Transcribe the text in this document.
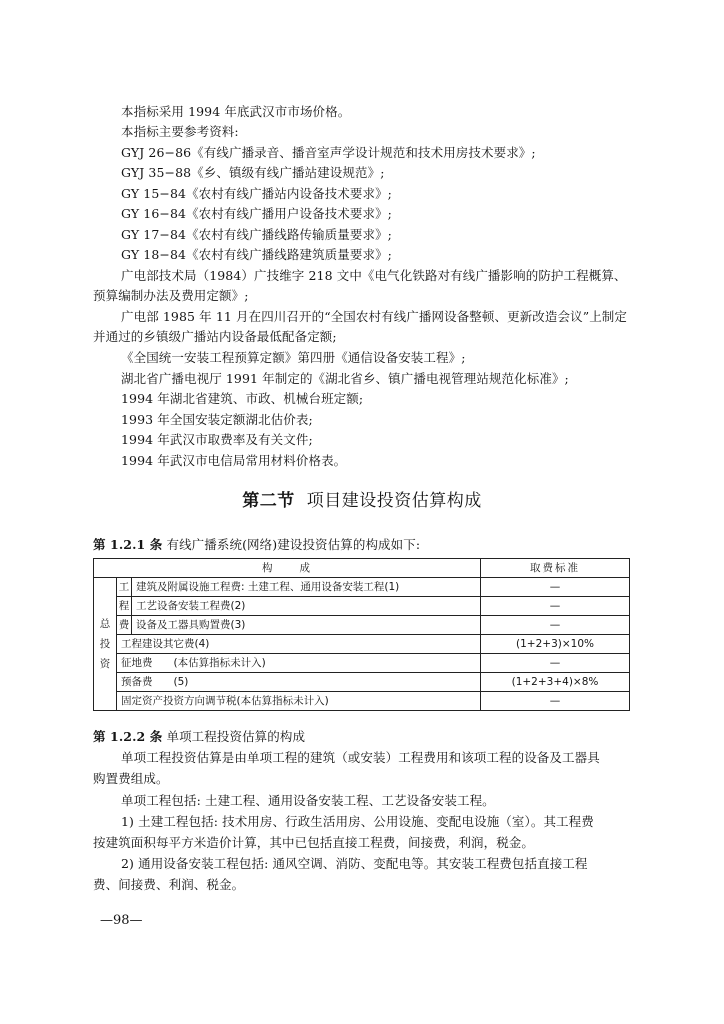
本指标采用 1994 年底武汉市市场价格。
本指标主要参考资料:
GYJ 26−86《有线广播录音、播音室声学设计规范和技术用房技术要求》;
GYJ 35−88《乡、镇级有线广播站建设规范》;
GY 15−84《农村有线广播站内设备技术要求》;
GY 16−84《农村有线广播用户设备技术要求》;
GY 17−84《农村有线广播线路传输质量要求》;
GY 18−84《农村有线广播线路建筑质量要求》;
广电部技术局（1984）广技维字 218 文中《电气化铁路对有线广播影响的防护工程概算、
预算编制办法及费用定额》;
广电部 1985 年 11 月在四川召开的“全国农村有线广播网设备整顿、更新改造会议”上制定
并通过的乡镇级广播站内设备最低配备定额;
《全国统一安装工程预算定额》第四册《通信设备安装工程》;
湖北省广播电视厅 1991 年制定的《湖北省乡、镇广播电视管理站规范化标准》;
1994 年湖北省建筑、市政、机械台班定额;
1993 年全国安装定额湖北估价表;
1994 年武汉市取费率及有关文件;
1994 年武汉市电信局常用材料价格表。
第二节 项目建设投资估算构成
第 1.2.1 条 有线广播系统(网络)建设投资估算的构成如下:
构　　成			取费标准

总
投
资	工	建筑及附属设施工程费: 土建工程、通用设备安装工程(1)	—
	程	工艺设备安装工程费(2)	—
	费	设备及工器具购置费(3)	—
	工程建设其它费(4)		(1+2+3)×10%
	征地费　　(本估算指标未计入)		—
	预备费　　(5)		(1+2+3+4)×8%
	固定资产投资方向调节税(本估算指标未计入)		—
第 1.2.2 条 单项工程投资估算的构成
单项工程投资估算是由单项工程的建筑（或安装）工程费用和该项工程的设备及工器具
购置费组成。
单项工程包括: 土建工程、通用设备安装工程、工艺设备安装工程。
1) 土建工程包括: 技术用房、行政生活用房、公用设施、变配电设施（室）。其工程费
按建筑面积每平方米造价计算，其中已包括直接工程费，间接费，利润，税金。
2) 通用设备安装工程包括: 通风空调、消防、变配电等。其安装工程费包括直接工程
费、间接费、利润、税金。
—98—
